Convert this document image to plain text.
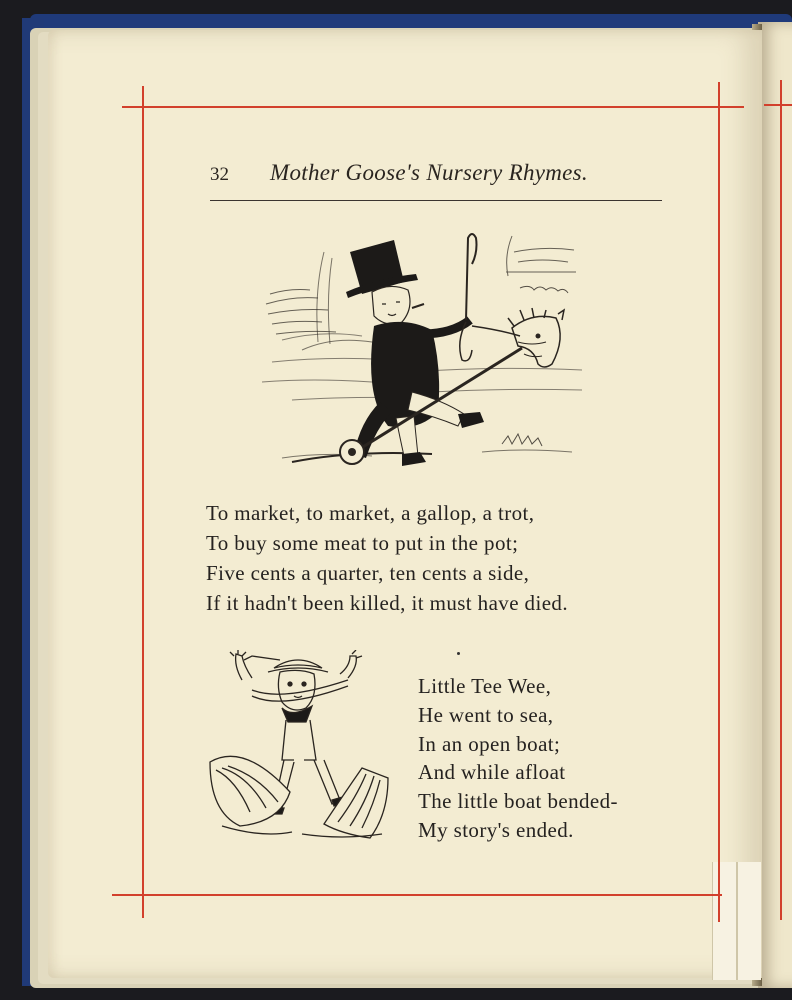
32 Mother Goose's Nursery Rhymes.
To market, to market, a gallop, a trot,
To buy some meat to put in the pot;
Five cents a quarter, ten cents a side,
If it hadn't been killed, it must have died.
Little Tee Wee,
He went to sea,
In an open boat;
And while afloat
The little boat bended-
My story's ended.
